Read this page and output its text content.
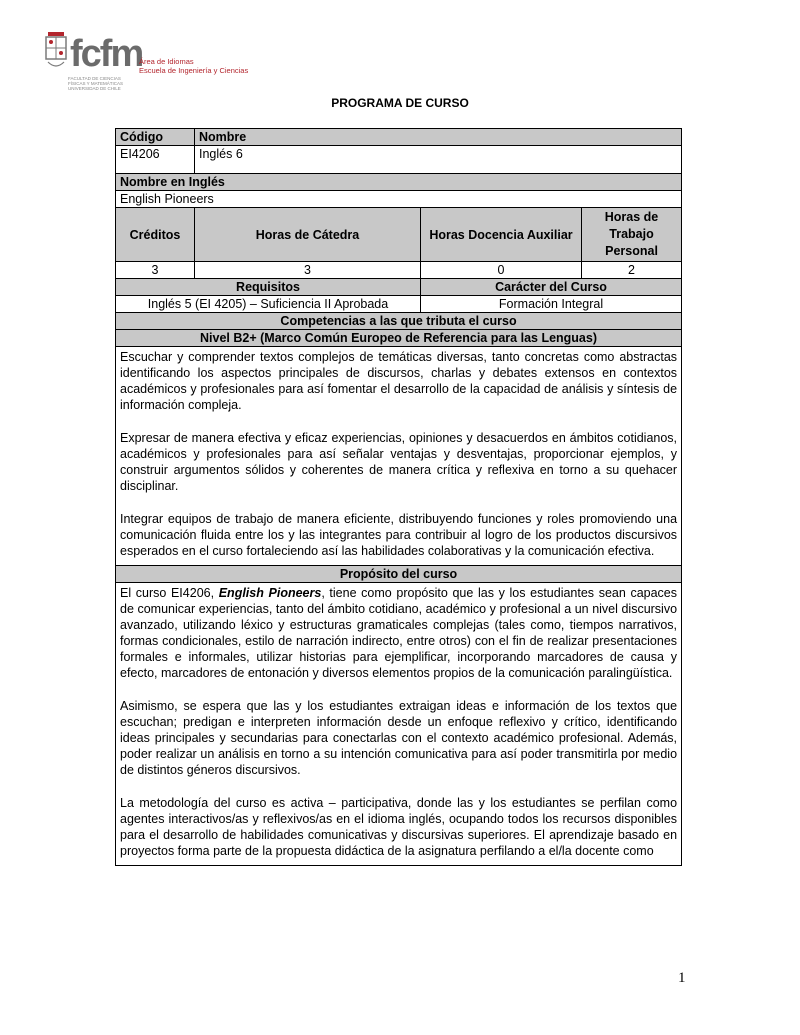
fcfm
Área de Idiomas
Escuela de Ingeniería y Ciencias
FACULTAD DE CIENCIAS FÍSICAS Y MATEMÁTICAS UNIVERSIDAD DE CHILE
PROGRAMA DE CURSO
Código	Nombre		
EI4206	Inglés 6		
Nombre en Inglés			
English Pioneers			
Créditos	Horas de Cátedra	Horas Docencia Auxiliar	Horas de Trabajo Personal
3	3	0	2
Requisitos		Carácter del Curso	
Inglés 5 (EI 4205) – Suficiencia II Aprobada		Formación Integral	
Competencias a las que tributa el curso			
Nivel B2+ (Marco Común Europeo de Referencia para las Lenguas)			

Escuchar y comprender textos complejos de temáticas diversas, tanto concretas como abstractas identificando los aspectos principales de discursos, charlas y debates extensos en contextos académicos y profesionales para así fomentar el desarrollo de la capacidad de análisis y síntesis de información compleja.

Expresar de manera efectiva y eficaz experiencias, opiniones y desacuerdos en ámbitos cotidianos, académicos y profesionales para así señalar ventajas y desventajas, proporcionar ejemplos, y construir argumentos sólidos y coherentes de manera crítica y reflexiva en torno a su quehacer disciplinar.

Integrar equipos de trabajo de manera eficiente, distribuyendo funciones y roles promoviendo una comunicación fluida entre los y las integrantes para contribuir al logro de los productos discursivos esperados en el curso fortaleciendo así las habilidades colaborativas y la comunicación efectiva.			

Propósito del curso			

El curso EI4206, English Pioneers, tiene como propósito que las y los estudiantes sean capaces de comunicar experiencias, tanto del ámbito cotidiano, académico y profesional a un nivel discursivo avanzado, utilizando léxico y estructuras gramaticales complejas (tales como, tiempos narrativos, formas condicionales, estilo de narración indirecto, entre otros) con el fin de realizar presentaciones formales e informales, utilizar historias para ejemplificar, incorporando marcadores de causa y efecto, marcadores de entonación y diversos elementos propios de la comunicación paralingüística.

Asimismo, se espera que las y los estudiantes extraigan ideas e información de los textos que escuchan; predigan e interpreten información desde un enfoque reflexivo y crítico, identificando ideas principales y secundarias para conectarlas con el contexto académico profesional. Además, poder realizar un análisis en torno a su intención comunicativa para así poder transmitirla por medio de distintos géneros discursivos.

La metodología del curso es activa – participativa, donde las y los estudiantes se perfilan como agentes interactivos/as y reflexivos/as en el idioma inglés, ocupando todos los recursos disponibles para el desarrollo de habilidades comunicativas y discursivas superiores. El aprendizaje basado en proyectos forma parte de la propuesta didáctica de la asignatura perfilando a el/la docente como			

1
